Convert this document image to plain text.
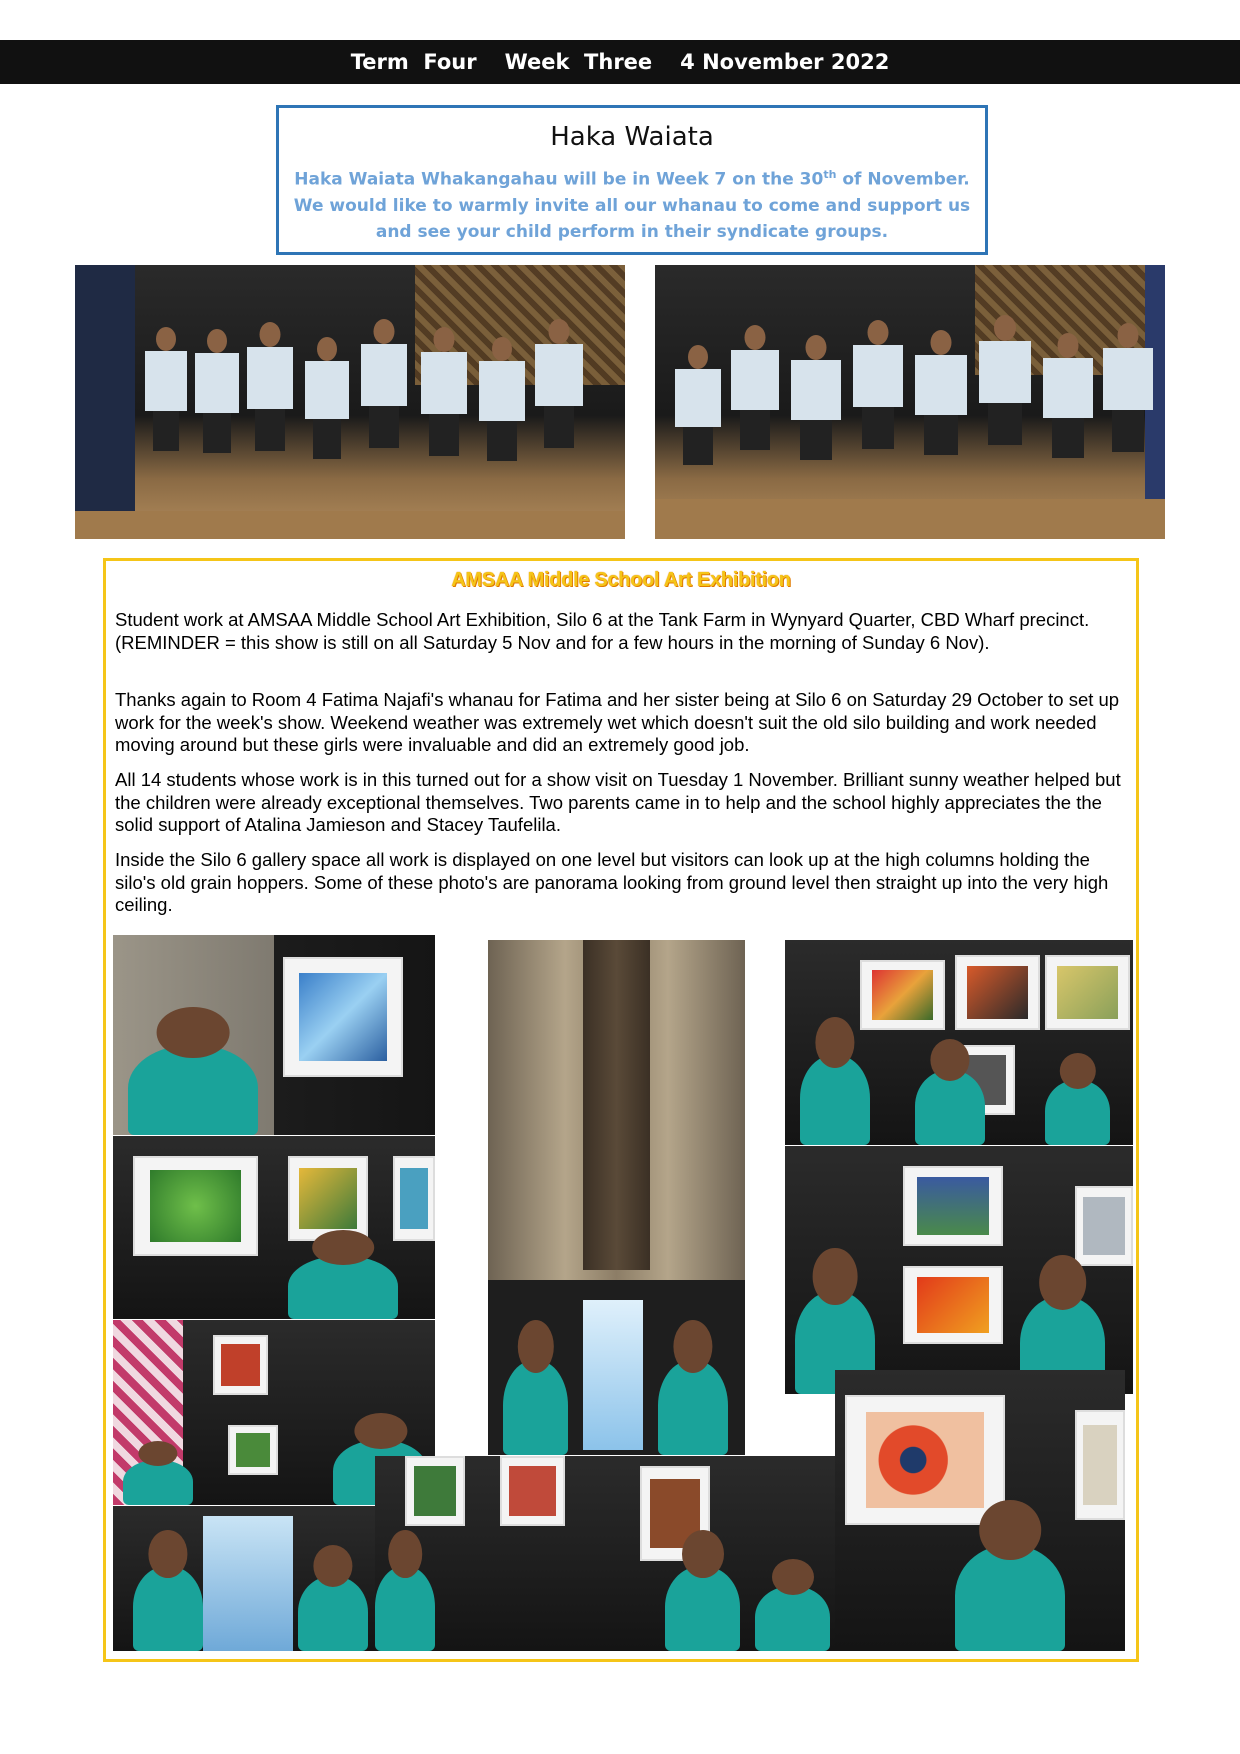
Term  Four Week  Three 4 November 2022
Haka Waiata
Haka Waiata Whakangahau will be in Week 7 on the 30th of November. We would like to warmly invite all our whanau to come and support us and see your child perform in their syndicate groups.
AMSAA Middle School Art Exhibition

Student work at AMSAA Middle School Art Exhibition, Silo 6 at the Tank Farm in Wynyard Quarter, CBD Wharf precinct. (REMINDER = this show is still on all Saturday 5 Nov and for a few hours in the morning of Sunday 6 Nov).

Thanks again to Room 4 Fatima Najafi's whanau for Fatima and her sister being at Silo 6 on Saturday 29 October to set up work for the week's show. Weekend weather was extremely wet which doesn't suit the old silo building and work needed moving around but these girls were invaluable and did an extremely good job.

All 14 students whose work is in this turned out for a show visit on Tuesday 1 November. Brilliant sunny weather helped but the children were already exceptional themselves. Two parents came in to help and the school highly appreciates the the solid support of Atalina Jamieson and Stacey Taufelila.

Inside the Silo 6 gallery space all work is displayed on one level but visitors can look up at the high columns holding the silo's old grain hoppers. Some of these photo's are panorama looking from ground level then straight up into the very high ceiling.
